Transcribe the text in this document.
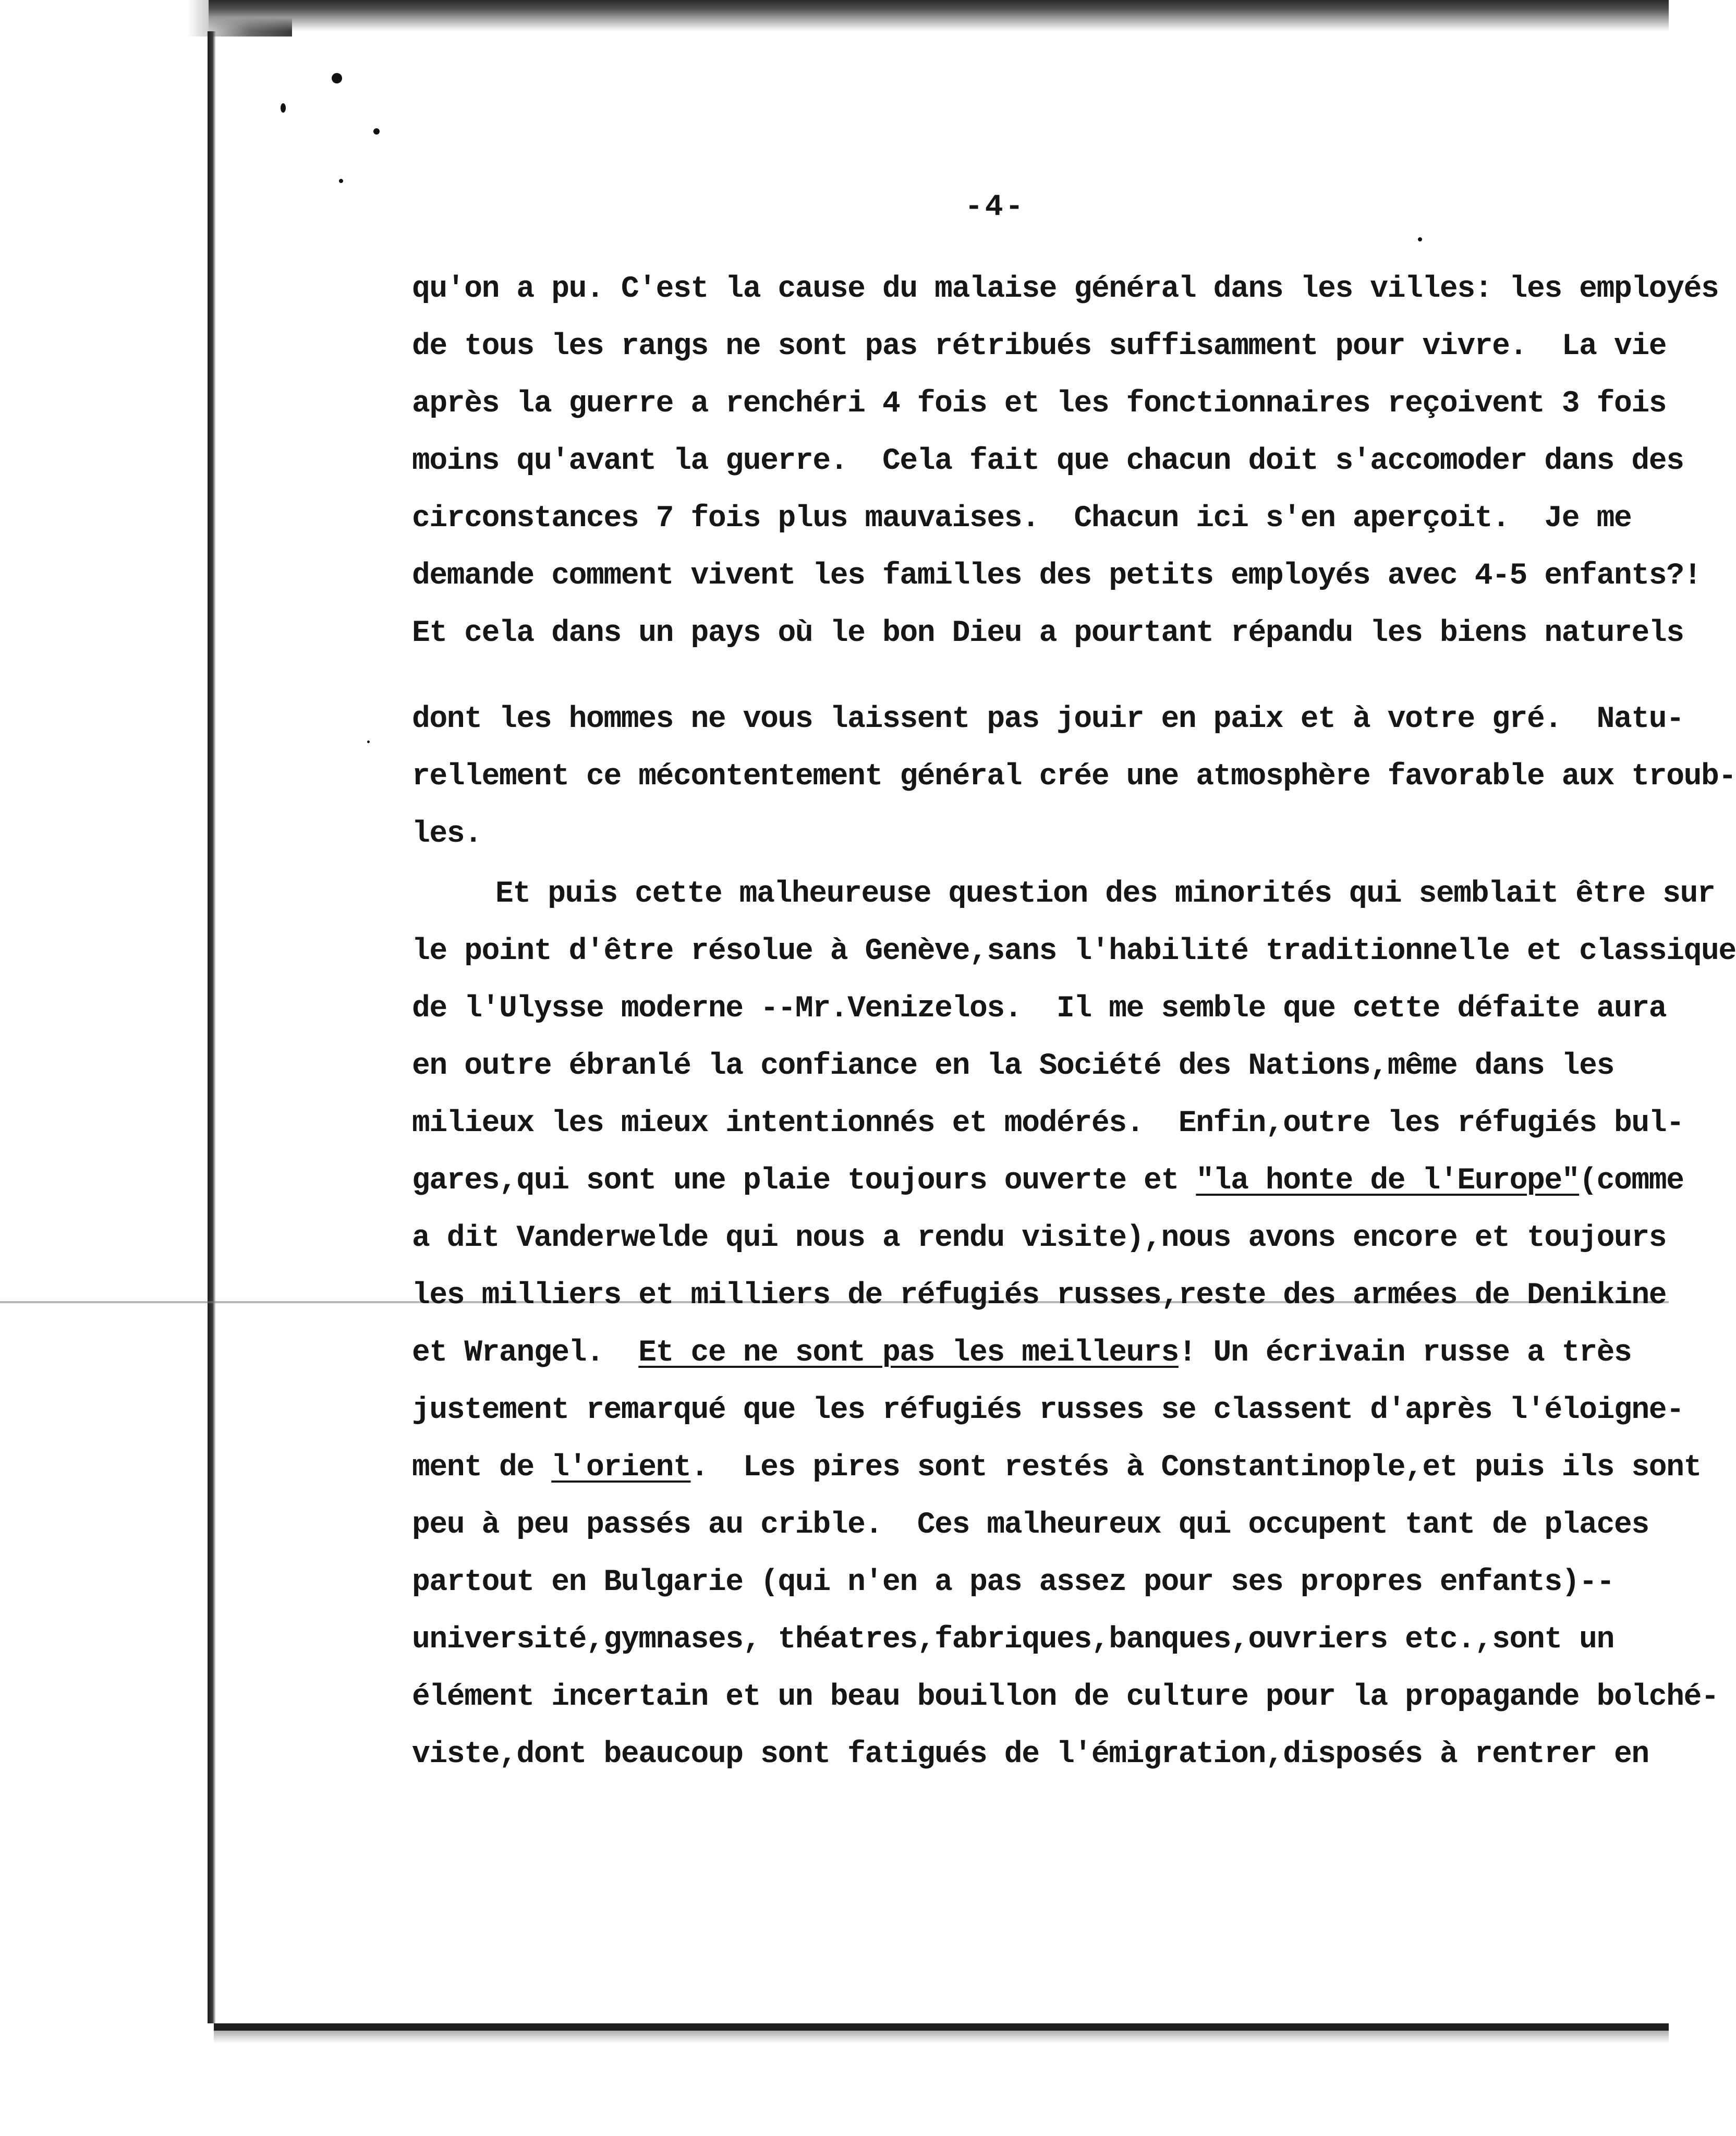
-4-
qu'on a pu. C'est la cause du malaise général dans les villes: les employés
de tous les rangs ne sont pas rétribués suffisamment pour vivre.  La vie
après la guerre a renchéri 4 fois et les fonctionnaires reçoivent 3 fois
moins qu'avant la guerre.  Cela fait que chacun doit s'accomoder dans des
circonstances 7 fois plus mauvaises.  Chacun ici s'en aperçoit.  Je me
demande comment vivent les familles des petits employés avec 4-5 enfants?!
Et cela dans un pays où le bon Dieu a pourtant répandu les biens naturels
dont les hommes ne vous laissent pas jouir en paix et à votre gré.  Natu-
rellement ce mécontentement général crée une atmosphère favorable aux troub-
les.
Et puis cette malheureuse question des minorités qui semblait être sur
le point d'être résolue à Genève,sans l'habilité traditionnelle et classique
de l'Ulysse moderne --Mr.Venizelos.  Il me semble que cette défaite aura
en outre ébranlé la confiance en la Société des Nations,même dans les
milieux les mieux intentionnés et modérés.  Enfin,outre les réfugiés bul-
gares,qui sont une plaie toujours ouverte et "la honte de l'Europe"(comme
a dit Vanderwelde qui nous a rendu visite),nous avons encore et toujours
les milliers et milliers de réfugiés russes,reste des armées de Denikine
et Wrangel.  Et ce ne sont pas les meilleurs! Un écrivain russe a très
justement remarqué que les réfugiés russes se classent d'après l'éloigne-
ment de l'orient.  Les pires sont restés à Constantinople,et puis ils sont
peu à peu passés au crible.  Ces malheureux qui occupent tant de places
partout en Bulgarie (qui n'en a pas assez pour ses propres enfants)--
université,gymnases, théatres,fabriques,banques,ouvriers etc.,sont un
élément incertain et un beau bouillon de culture pour la propagande bolché-
viste,dont beaucoup sont fatigués de l'émigration,disposés à rentrer en
